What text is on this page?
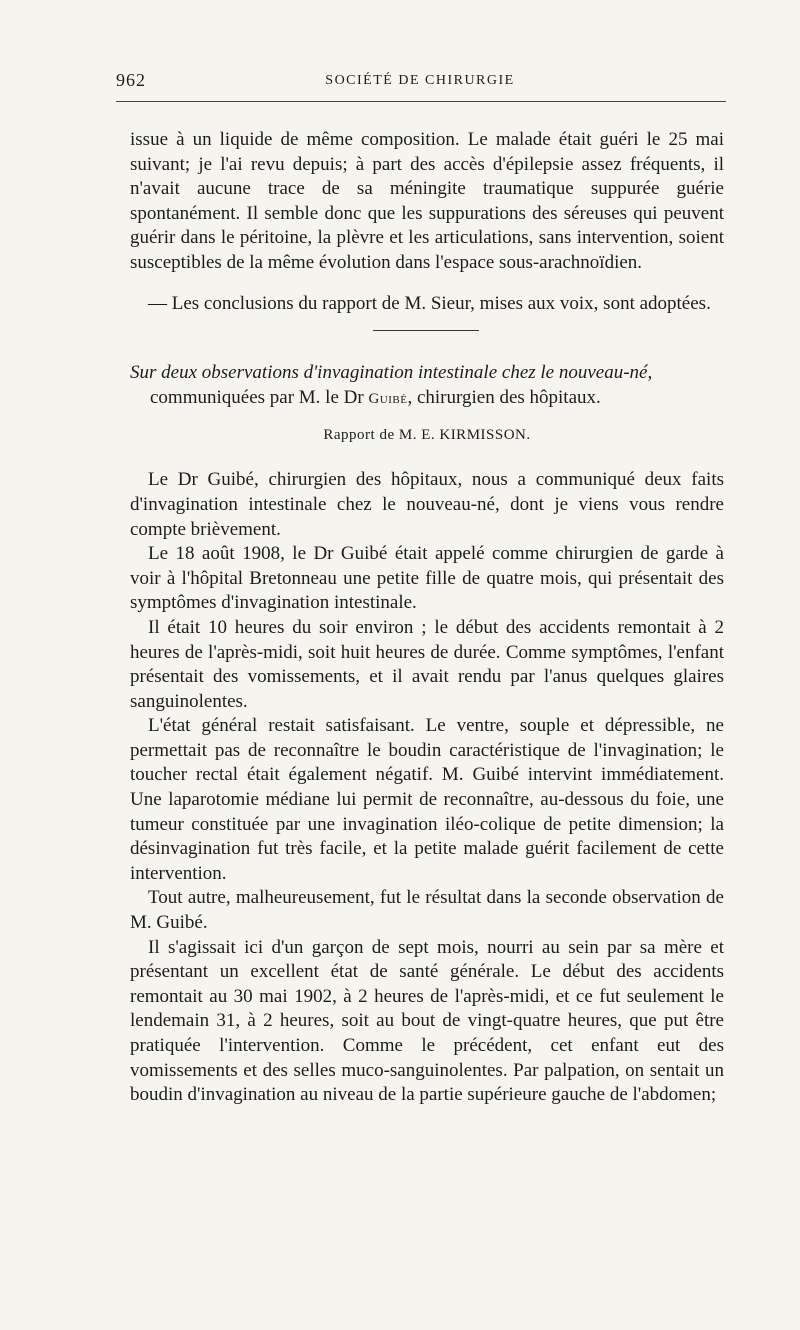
962	SOCIÉTÉ DE CHIRURGIE

issue à un liquide de même composition. Le malade était guéri le 25 mai suivant; je l'ai revu depuis; à part des accès d'épilepsie assez fréquents, il n'avait aucune trace de sa méningite traumatique suppurée guérie spontanément. Il semble donc que les suppurations des séreuses qui peuvent guérir dans le péritoine, la plèvre et les articulations, sans intervention, soient susceptibles de la même évolution dans l'espace sous-arachnoïdien.

— Les conclusions du rapport de M. Sieur, mises aux voix, sont adoptées.

Sur deux observations d'invagination intestinale chez le nouveau-né,

communiquées par M. le Dr Guibé, chirurgien des hôpitaux.

Rapport de M. E. KIRMISSON.

Le Dr Guibé, chirurgien des hôpitaux, nous a communiqué deux faits d'invagination intestinale chez le nouveau-né, dont je viens vous rendre compte brièvement.

Le 18 août 1908, le Dr Guibé était appelé comme chirurgien de garde à voir à l'hôpital Bretonneau une petite fille de quatre mois, qui présentait des symptômes d'invagination intestinale.

Il était 10 heures du soir environ ; le début des accidents remontait à 2 heures de l'après-midi, soit huit heures de durée. Comme symptômes, l'enfant présentait des vomissements, et il avait rendu par l'anus quelques glaires sanguinolentes.

L'état général restait satisfaisant. Le ventre, souple et dépressible, ne permettait pas de reconnaître le boudin caractéristique de l'invagination; le toucher rectal était également négatif. M. Guibé intervint immédiatement. Une laparotomie médiane lui permit de reconnaître, au-dessous du foie, une tumeur constituée par une invagination iléo-colique de petite dimension; la désinvagination fut très facile, et la petite malade guérit facilement de cette intervention.

Tout autre, malheureusement, fut le résultat dans la seconde observation de M. Guibé.

Il s'agissait ici d'un garçon de sept mois, nourri au sein par sa mère et présentant un excellent état de santé générale. Le début des accidents remontait au 30 mai 1902, à 2 heures de l'après-midi, et ce fut seulement le lendemain 31, à 2 heures, soit au bout de vingt-quatre heures, que put être pratiquée l'intervention. Comme le précédent, cet enfant eut des vomissements et des selles muco-sanguinolentes. Par palpation, on sentait un boudin d'invagination au niveau de la partie supérieure gauche de l'abdomen;
